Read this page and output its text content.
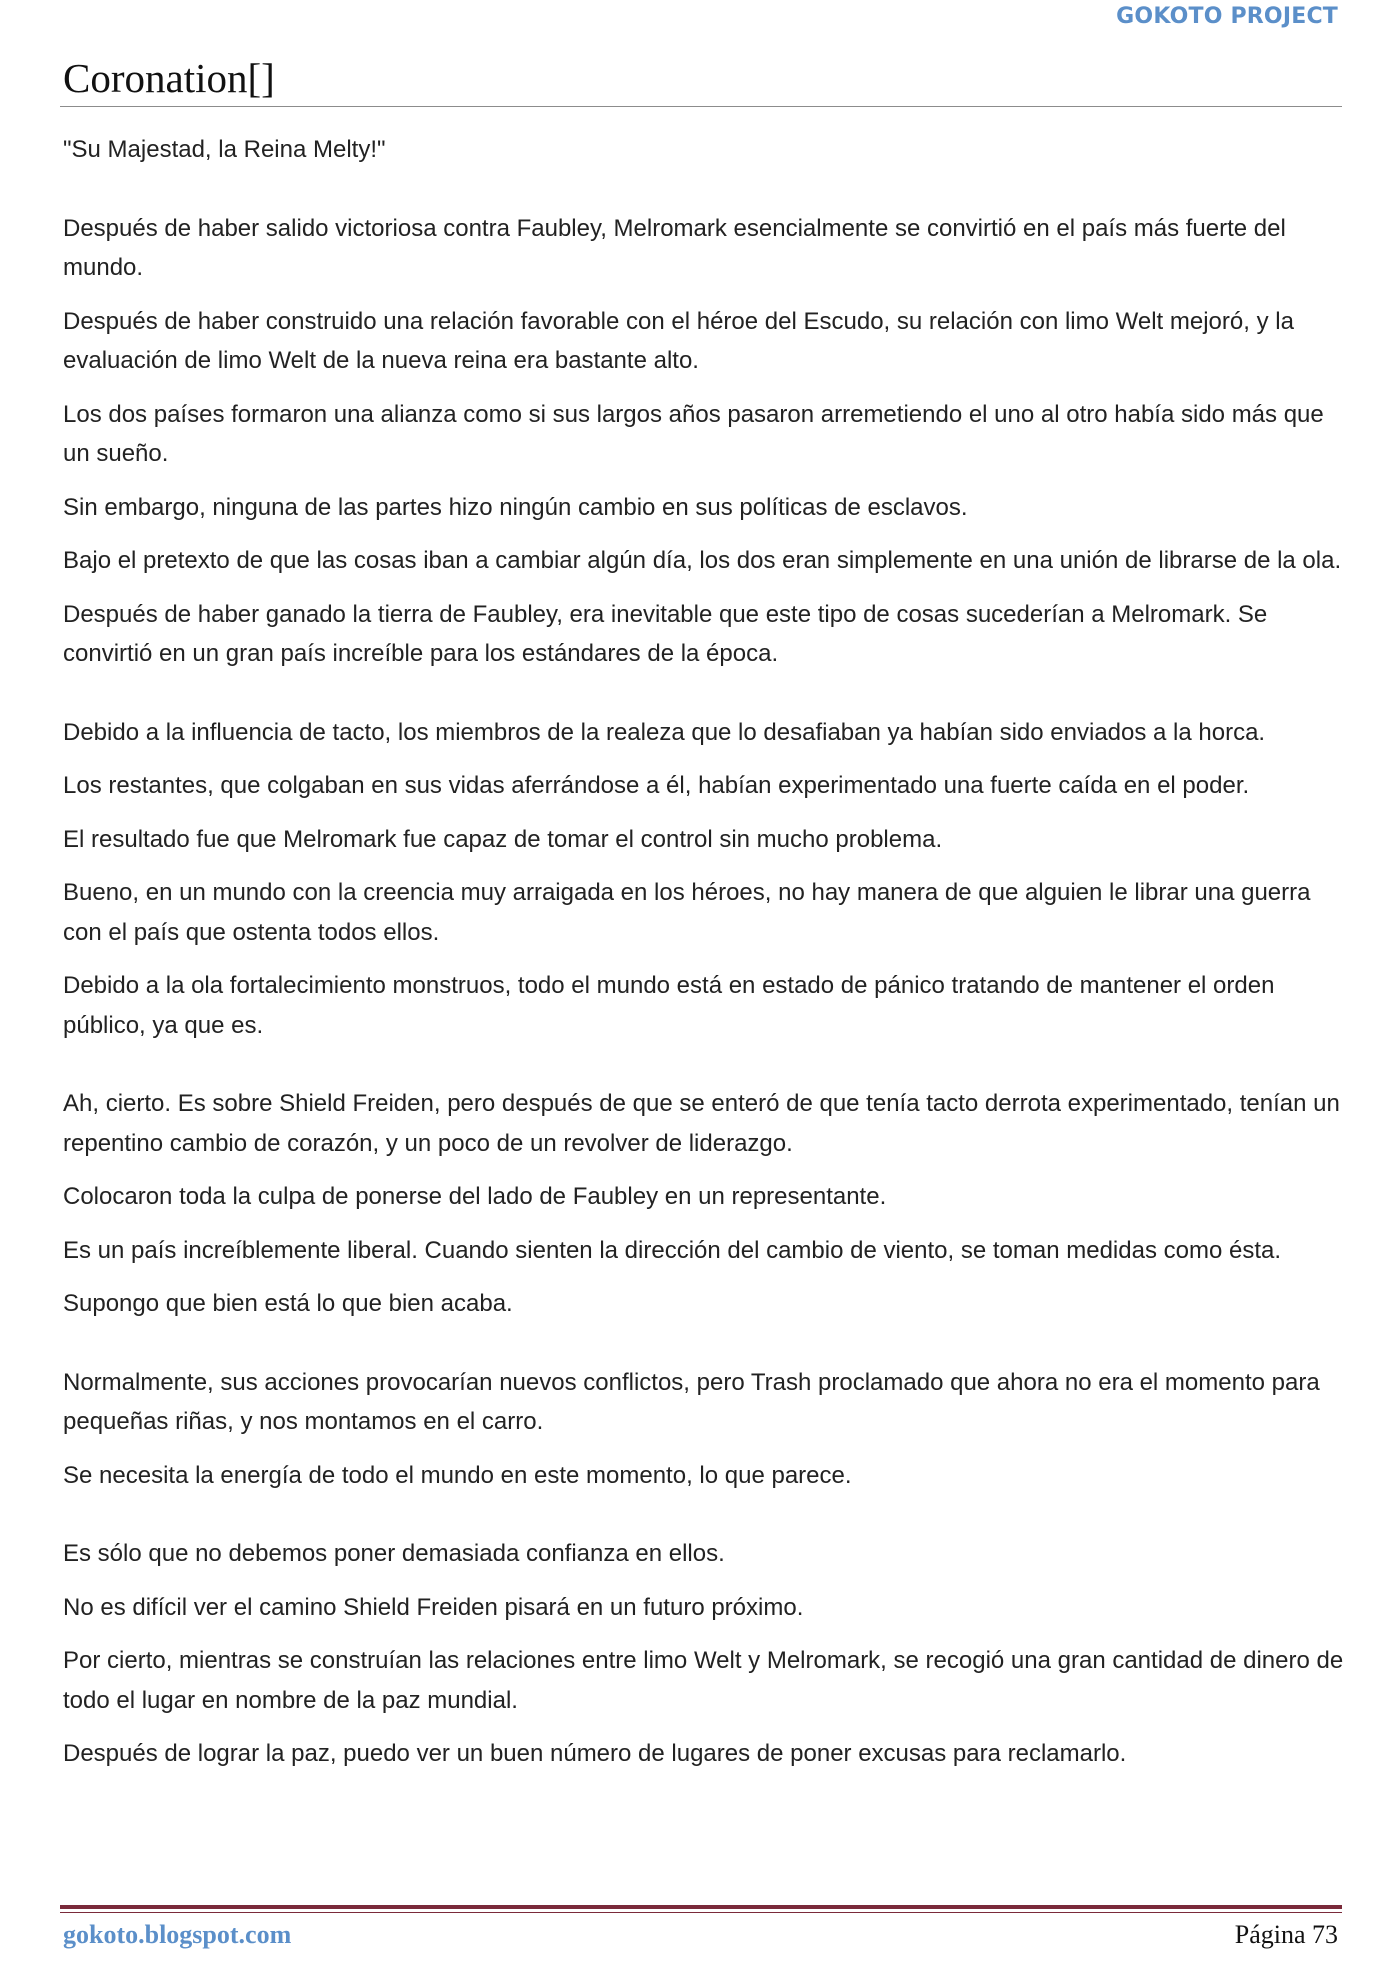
GOKOTO PROJECT
Coronation[]

"Su Majestad, la Reina Melty!"

Después de haber salido victoriosa contra Faubley, Melromark esencialmente se convirtió en el país más fuerte del mundo.

Después de haber construido una relación favorable con el héroe del Escudo, su relación con limo Welt mejoró, y la evaluación de limo Welt de la nueva reina era bastante alto.

Los dos países formaron una alianza como si sus largos años pasaron arremetiendo el uno al otro había sido más que un sueño.

Sin embargo, ninguna de las partes hizo ningún cambio en sus políticas de esclavos.

Bajo el pretexto de que las cosas iban a cambiar algún día, los dos eran simplemente en una unión de librarse de la ola.

Después de haber ganado la tierra de Faubley, era inevitable que este tipo de cosas sucederían a Melromark. Se convirtió en un gran país increíble para los estándares de la época.

Debido a la influencia de tacto, los miembros de la realeza que lo desafiaban ya habían sido enviados a la horca.

Los restantes, que colgaban en sus vidas aferrándose a él, habían experimentado una fuerte caída en el poder.

El resultado fue que Melromark fue capaz de tomar el control sin mucho problema.

Bueno, en un mundo con la creencia muy arraigada en los héroes, no hay manera de que alguien le librar una guerra con el país que ostenta todos ellos.

Debido a la ola fortalecimiento monstruos, todo el mundo está en estado de pánico tratando de mantener el orden público, ya que es.

Ah, cierto. Es sobre Shield Freiden, pero después de que se enteró de que tenía tacto derrota experimentado, tenían un repentino cambio de corazón, y un poco de un revolver de liderazgo.

Colocaron toda la culpa de ponerse del lado de Faubley en un representante.

Es un país increíblemente liberal. Cuando sienten la dirección del cambio de viento, se toman medidas como ésta.

Supongo que bien está lo que bien acaba.

Normalmente, sus acciones provocarían nuevos conflictos, pero Trash proclamado que ahora no era el momento para pequeñas riñas, y nos montamos en el carro.

Se necesita la energía de todo el mundo en este momento, lo que parece.

Es sólo que no debemos poner demasiada confianza en ellos.

No es difícil ver el camino Shield Freiden pisará en un futuro próximo.

Por cierto, mientras se construían las relaciones entre limo Welt y Melromark, se recogió una gran cantidad de dinero de todo el lugar en nombre de la paz mundial.

Después de lograr la paz, puedo ver un buen número de lugares de poner excusas para reclamarlo.

gokoto.blogspot.com	Página 73
